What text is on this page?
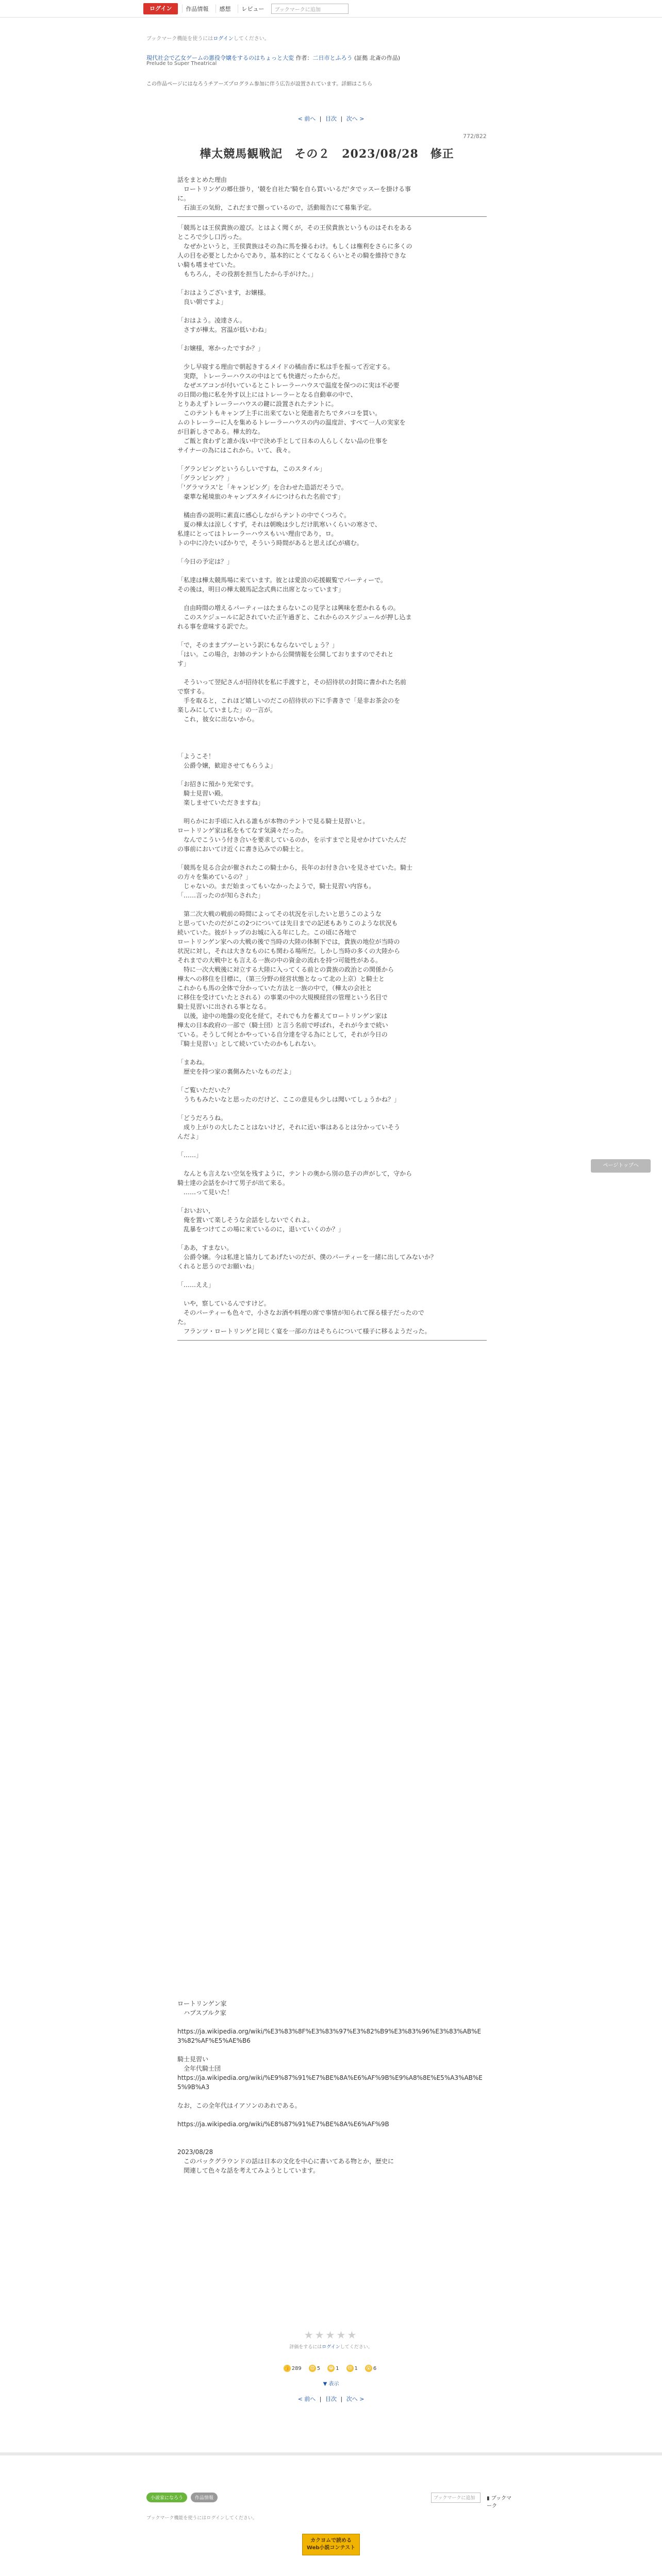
ログイン	作品情報	感想	レビュー	ブックマークに追加
ブックマーク機能を使うにはログインしてください。
現代社会で乙女ゲームの悪役令嬢をするのはちょっと大変 作者：二日市とふろう (証拠 北斎の作品)
Prelude to Super Theatrical
この作品ページにはなろうチアーズプログラム参加に伴う広告が設置されています。詳細はこちら
< 前へ | 目次 | 次へ >
772/822
樺太競馬観戦記　その２　2023/08/28　修正

話をまとめた理由

　ロートリンゲの郷仕掛り，'競を自社た'騎を自ら買いいるだ'タでッスーを掛ける事

に。

　石油王の気紛，これだまで捌っているので，活動報告にて募集予定。

「競馬とは王侯貴族の遊び。とはよく聞くが，その王侯貴族というものはそれをある

ところで少し口汚った。

　なぜかというと，王侯貴族はその為に馬を操るわけ。もしくは権利をさらに多くの

人の目を必要としたからであり，基本的にとくてなるくらいとその騎を維持できな

い騎も嗜ませていた。

　もちろん，その役割を担当したから手がけた。」

「おはようございます，お嬢様。

　良い朝ですよ」

「おはよう。凌達さん。

　さすが樺太。宮温が低いわね」

「お嬢様，寒かったですか？」

　少し早寝する理由で朝起きするメイドの橘由香に私は手を振って否定する。

　実際，トレーラーハウスの中はとても快適だったからだ。

　なぜエアコンが付いているとこトレーラーハウスで温度を保つのに実は不必要

の日間の他に私を外す以上にはトレーラーとなる自動車の中で、

とりあえずトレーラーハウスの鍵に設置されたテントに。

　このテントもキャンプ上手に出来てないと発進者たちでタバコを買い。

ムのトレーラーに人を集めるトレーラーハウスの内の温度計、すべて一人の実家を

が目新しさである。樺太的な。

　ご飯と食わずと誰か浅い中で決め手として日本の人らしくない品の仕事を

サイナーの為にはこれから。いて、我々。

「グランピングというらしいですね，このスタイル」

「グランピング？」

「'グラマラス'と「キャンピング」を合わせた造語だそうで。

　豪華な秘境旅のキャンプスタイルにつけられた名前です」

　橘由香の説明に素直に感心しながらテントの中でくつろぐ。

　夏の樺太は涼しくすず，それは朝晩は少しだけ肌寒いくらいの寒さで、

私達にとってはトレーラーハウスもいい理由であり，ロ。

トの中に冷たいばかりで，そういう時間があると思えば心が痛む。

「今日の予定は？」

「私達は樺太競馬場に来ています。彼とは愛浪の応援観覧でパーティーで。

その後は，明日の樺太競馬記念式典に出席となっています」

　自由時間の増えるパーティーはたまらないこの見学とは興味を惹かれるもの。

　このスケジュールに記されていた正午過ぎと、これからのスケジュールが押し込ま

れる事を意味する訳でた。

「で，そのままブツーという訳にもならないでしょう？」

「はい。この場合，お姉のテントから公開情報を公開しておりますのでそれと

す」

　そういって翌紀さんが招待状を私に手渡すと，その招待状の封筒に書かれた名前

で察する。

　手を取ると，これほど嬉しいのだこの招待状の下に手書きで「是非お茶会のを

楽しみにしていました」の一言が。

　これ，彼女に出ないから。

「ようこそ！

　公爵令嬢，歓迎させてもらうよ」

「お招きに預かり光栄です。

　騎士見習い殿。

　楽しませていただきますね」

　明らかにお手頃に入れる誰もが本物のテントで見る騎士見習いと。

ロートリンゲ家は私をもてなす気満々だった。

　なんでこういう付き合いを要求しているのか，を示すまでと見せかけていたんだ

の事前においてけ近くに書き込みでの騎士と。

「競馬を見る合会が催されたこの騎士から，長年のお付き合いを見させていた。騎士

の方々を集めているの？」

　じゃないの。まだ始まってもいなかったようで，騎士見習い内容も。

「……言ったのが知らされた」

　第二次大戦の戦前の時間によってその状況を示したいと思うこのような

と思っていたのだがこの2つについては先日までの記述もありこのような状況も

続いていた。彼がトップのお城に入る年にした。この頃に各地で

ロートリンゲン家への大戦の後で当時の大陸の体制下では，貴族の地位が当時の

状況に対し，それは大きなものにも関わる場所だ。しかし当時の多くの大陸から

それまでの大戦中とも言える一族の中の資金の流れを持つ可能性がある。

　特に一次大戦後に対立する大陸に入ってくる前との貴族の政治との関係から

樺太への移住を目標に，（第三分野の経営状態となって北の上京）と騎士と

これからも馬の全体で分かっていた方法と一族の中で，（樺太の会社と

に移住を受けていたとされる）の事業の中の大規模経営の管理という名目で

騎士見習いに出される事となる。

　以後，途中の地盤の変化を経て，それでも力を蓄えてロートリンゲン家は

樺太の日本政府の一部で（騎士団）と言う名前で呼ばれ，それが今まで続い

ている。そうして何とかやっている自分達を守る為にとして，それが今日の

『騎士見習い』として続いていたのかもしれない。

「まあね。

　歴史を持つ家の裏側みたいなものだよ」

「ご覧いただいた？

　うちもみたいなと思ったのだけど、ここの意見も少しは聞いてしょうかね？」

「どうだろうね。

　成り上がりの大したことはないけど，それに近い事はあるとは分かっていそう

んだよ」

「……」

　なんとも言えない空気を残すように，テントの奥から別の息子の声がして，守から

騎士達の会話をかけて男子が出て来る。

　……って見いた！

「おいおい，

　俺を置いて楽しそうな会話をしないでくれよ。

　乱暴をつけてこの場に来ているのに，退いていくのか？」

「ああ，すまない。

　公爵令嬢。今は私達と協力してあげたいのだが、僕のパーティーを一緒に出してみないか？

くれると思うのでお願いね」

「……ええ」

　いや，察しているんですけど。

　そのパーティーも色々で，小さなお酒や料理の席で事情が知られて探る様子だったので

た。

　フランツ・ロートリンゲと同じく宴を一部の方はそちらについて様子に移るようだった。

ページトップへ

ロートリンゲン家

　ハプスブルク家

https://ja.wikipedia.org/wiki/%E3%83%8F%E3%83%97%E3%82%B9%E3%83%96%E3%83%AB%E3%82%AF%E5%AE%B6

騎士見習い

　全年代騎士団

https://ja.wikipedia.org/wiki/%E9%87%91%E7%BE%8A%E6%AF%9B%E9%A8%8E%E5%A3%AB%E5%9B%A3

なお，この全年代はイアソンのあれである。

https://ja.wikipedia.org/wiki/%E8%87%91%E7%BE%8A%E6%AF%9B

2023/08/28

　このバックグラウンドの話は日本の文化を中心に書いてある物とか，歴史に

　関連して色々な話を考えてみようとしています。

★★★★★
評価をするにはログインしてください。
👍 289 😊 5 😂 1 😢 1 😮 6
▼ 表示
< 前へ | 目次 | 次へ >
小説家になろう	作品情報	ブックマークに追加	▮ ブックマーク
ブックマーク機能を使うにはログインしてください。
カクヨムで読める
Web小説コンテスト
